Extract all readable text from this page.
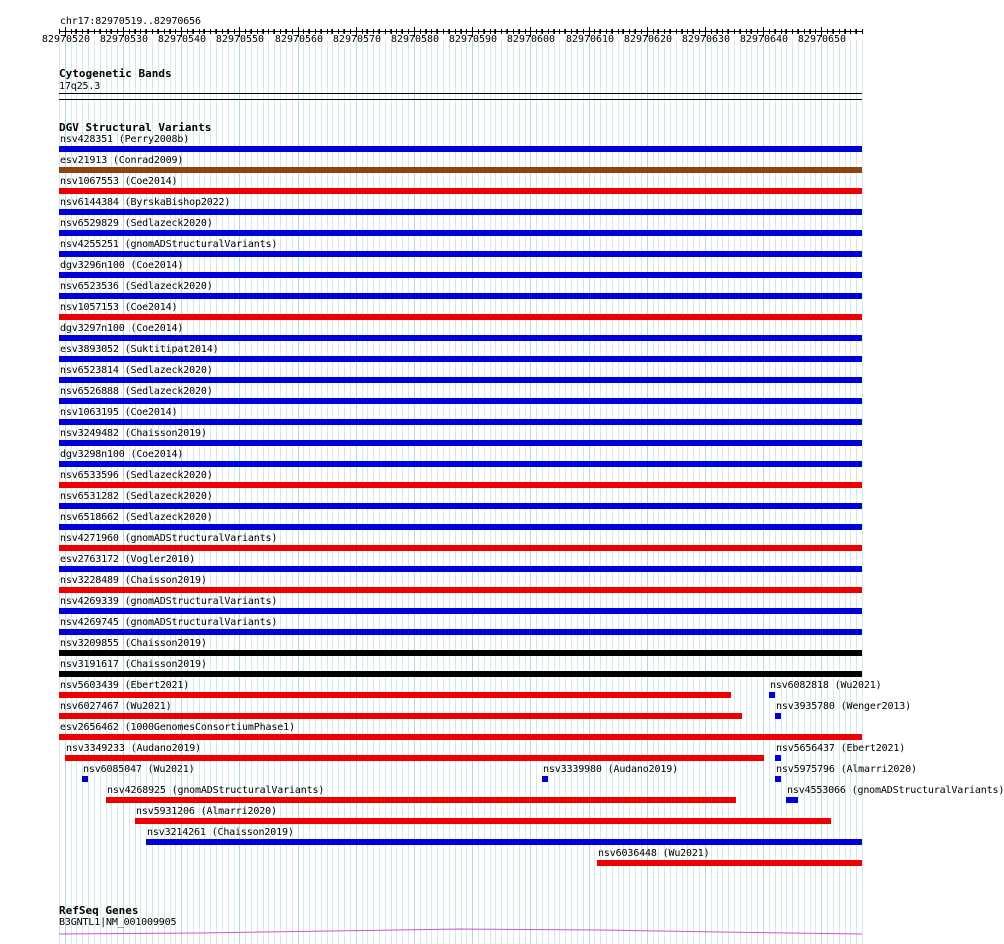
chr17:82970519..82970656
Cytogenetic Bands
17q25.3
DGV Structural Variants
nsv428351 (Perry2008b)
esv21913 (Conrad2009)
nsv1067553 (Coe2014)
nsv6144384 (ByrskaBishop2022)
nsv6529829 (Sedlazeck2020)
nsv4255251 (gnomADStructuralVariants)
dgv3296n100 (Coe2014)
nsv6523536 (Sedlazeck2020)
nsv1057153 (Coe2014)
dgv3297n100 (Coe2014)
esv3893052 (Suktitipat2014)
nsv6523814 (Sedlazeck2020)
nsv6526888 (Sedlazeck2020)
nsv1063195 (Coe2014)
nsv3249482 (Chaisson2019)
dgv3298n100 (Coe2014)
nsv6533596 (Sedlazeck2020)
nsv6531282 (Sedlazeck2020)
nsv6518662 (Sedlazeck2020)
nsv4271960 (gnomADStructuralVariants)
esv2763172 (Vogler2010)
nsv3228489 (Chaisson2019)
nsv4269339 (gnomADStructuralVariants)
nsv4269745 (gnomADStructuralVariants)
nsv3209855 (Chaisson2019)
nsv3191617 (Chaisson2019)
nsv5603439 (Ebert2021)	nsv6082818 (Wu2021)
nsv6027467 (Wu2021)	nsv3935780 (Wenger2013)
esv2656462 (1000GenomesConsortiumPhase1)
nsv3349233 (Audano2019)	nsv5656437 (Ebert2021)
nsv6085047 (Wu2021)	nsv3339980 (Audano2019)	nsv5975796 (Almarri2020)
nsv4268925 (gnomADStructuralVariants)	nsv4553066 (gnomADStructuralVariants)
nsv5931206 (Almarri2020)
nsv3214261 (Chaisson2019)
nsv6036448 (Wu2021)
RefSeq Genes
B3GNTL1|NM_001009905
82970520 82970530 82970540 82970550 82970560 82970570 82970580 82970590 82970600 82970610 82970620 82970630 82970640 82970650
